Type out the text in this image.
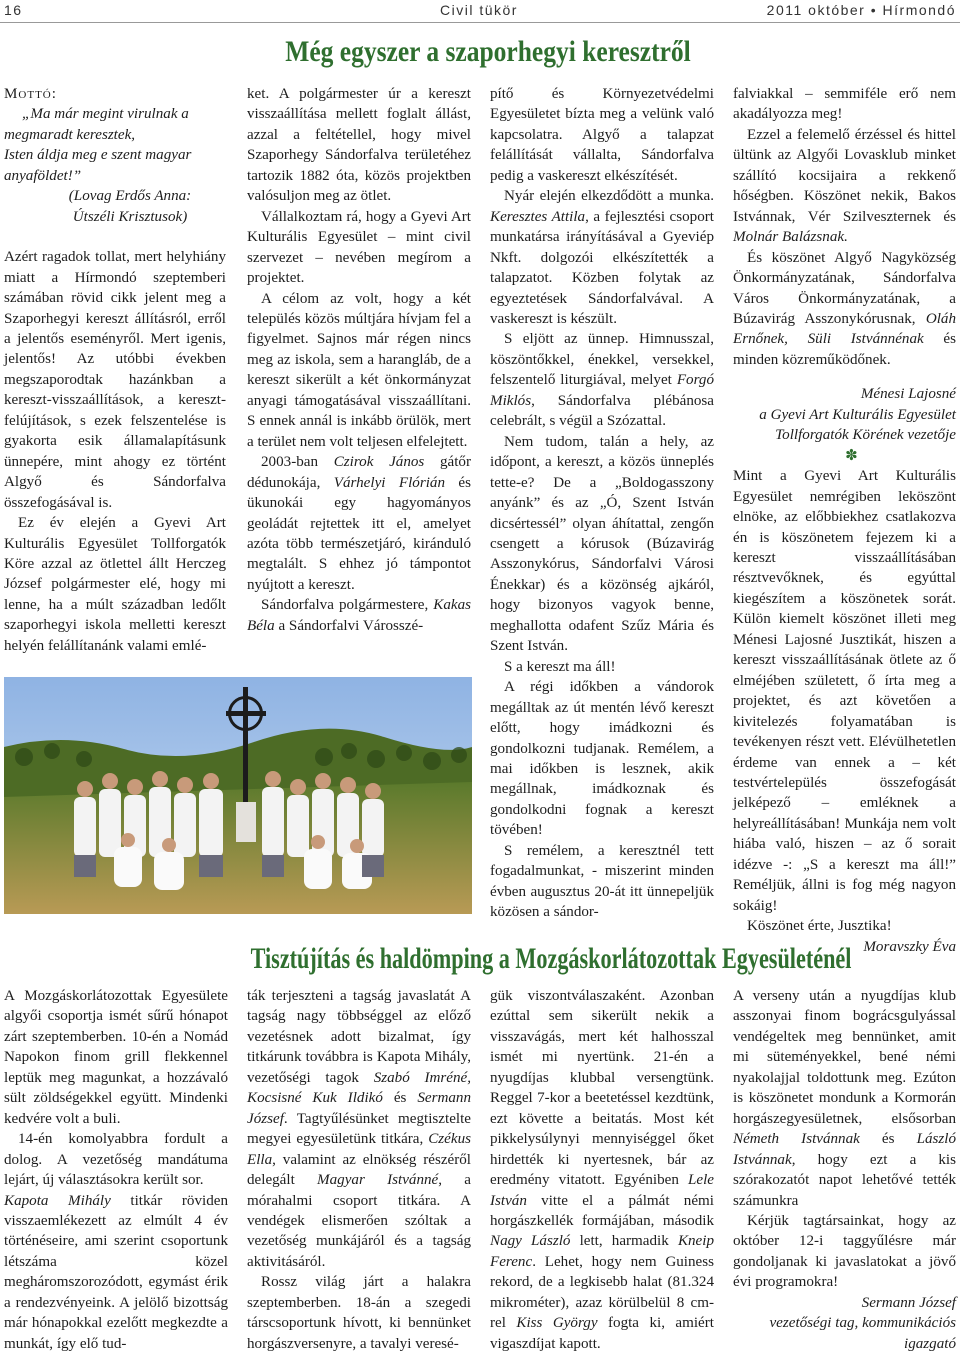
16	Civil tükör	2011 október • Hírmondó
Még egyszer a szaporhegyi keresztről

Mottó:

„Ma már megint virulnak a

megmaradt keresztek,

Isten áldja meg e szent magyar

anyaföldet!”

(Lovag Erdős Anna:

Útszéli Krisztusok)

Azért ragadok tollat, mert helyhiány miatt a Hírmondó szeptemberi számában rövid cikk jelent meg a Szaporhegyi kereszt állításról, erről a jelentős eseményről. Mert igenis, jelentős! Az utóbbi években megszaporodtak hazánkban a kereszt-visszaállítások, a kereszt-felújítások, s ezek felszentelése is gyakorta esik államalapításunk ünnepére, mint ahogy ez történt Algyő és Sándorfalva összefogásával is.

Ez év elején a Gyevi Art Kulturális Egyesület Tollforgatók Köre azzal az ötlettel állt Herczeg József polgármester elé, hogy mi lenne, ha a múlt században ledőlt szaporhegyi iskola melletti kereszt helyén felállítanánk valami emlé-

ket. A polgármester úr a kereszt visszaállítása mellett foglalt állást, azzal a feltétellel, hogy mivel Szaporhegy Sándorfalva területéhez tartozik 1882 óta, közös projektben valósuljon meg az ötlet.

Vállalkoztam rá, hogy a Gyevi Art Kulturális Egyesület – mint civil szervezet – nevében megírom a projektet.

A célom az volt, hogy a két település közös múltjára hívjam fel a figyelmet. Sajnos már régen nincs meg az iskola, sem a harangláb, de a kereszt sikerült a két önkormányzat anyagi támogatásával visszaállítani. S ennek annál is inkább örülök, mert a terület nem volt teljesen elfelejtett.

2003-ban Czirok János gátőr dédunokája, Várhelyi Flórián és ükunokái egy hagyományos geoládát rejtettek itt el, amelyet azóta több természetjáró, kiránduló megtalált. S ehhez jó támpontot nyújtott a kereszt.

Sándorfalva polgármestere, Kakas Béla a Sándorfalvi Városszé-

pítő és Környezetvédelmi Egyesületet bízta meg a velünk való kapcsolatra. Algyő a talapzat felállítását vállalta, Sándorfalva pedig a vaskereszt elkészítését.

Nyár elején elkezdődött a munka. Keresztes Attila, a fejlesztési csoport munkatársa irányításával a Gyeviép Nkft. dolgozói elkészítették a talapzatot. Közben folytak az egyeztetések Sándorfalvával. A vaskereszt is készült.

S eljött az ünnep. Himnusszal, köszöntőkkel, énekkel, versekkel, felszentelő liturgiával, melyet Forgó Miklós, Sándorfalva plébánosa celebrált, s végül a Szózattal.

Nem tudom, talán a hely, az időpont, a kereszt, a közös ünneplés tette-e? De a „Boldogasszony anyánk” és az „Ó, Szent István dicsértessél” olyan áhítattal, zengőn csengett a kórusok (Búzavirág Asszonykórus, Sándorfalvi Városi Énekkar) és a közönség ajkáról, hogy bizonyos vagyok benne, meghallotta odafent Szűz Mária és Szent István.

S a kereszt ma áll!

A régi időkben a vándorok megálltak az út mentén lévő kereszt előtt, hogy imádkozni és gondolkozni tudjanak. Remélem, a mai időkben is lesznek, akik megállnak, imádkoznak és gondolkodni fognak a kereszt tövében!

S remélem, a keresztnél tett fogadalmunkat, - miszerint minden évben augusztus 20-át itt ünnepeljük közösen a sándor-

falviakkal – semmiféle erő nem akadályozza meg!

Ezzel a felemelő érzéssel és hittel ültünk az Algyői Lovasklub minket szállító kocsijaira a rekkenő hőségben. Köszönet nekik, Bakos Istvánnak, Vér Szilveszternek és Molnár Balázsnak.

És köszönet Algyő Nagyközség Önkormányzatának, Sándorfalva Város Önkormányzatának, a Búzavirág Asszonykórusnak, Oláh Ernőnek, Süli Istvánnénak és minden közreműködőnek.

Ménesi Lajosné

a Gyevi Art Kulturális Egyesület

Tollforgatók Körének vezetője

✽

Mint a Gyevi Art Kulturális Egyesület nemrégiben leköszönt elnöke, az előbbiekhez csatlakozva én is köszönetem fejezem ki a kereszt visszaállításában résztvevőknek, és egyúttal kiegészítem a köszönetek sorát. Külön kiemelt köszönet illeti meg Ménesi Lajosné Jusztikát, hiszen a kereszt visszaállításának ötlete az ő elméjében született, ő írta meg a projektet, és azt követően a kivitelezés folyamatában is tevékenyen részt vett. Elévülhetetlen érdeme van ennek a – két testvértelepülés összefogását jelképező – emléknek a helyreállításában! Munkája nem volt hiába való, hiszen – az ő sorait idézve -: „S a kereszt ma áll!” Reméljük, állni is fog még nagyon sokáig!

Köszönet érte, Jusztika!

Moravszky Éva

Tisztújítás és haldömping a Mozgáskorlátozottak Egyesületénél

A Mozgáskorlátozottak Egyesülete algyői csoportja ismét sűrű hónapot zárt szeptemberben. 10-én a Nomád Napokon finom grill flekkennel leptük meg magunkat, a hozzávaló sült zöldségekkel együtt. Mindenki kedvére volt a buli.

14-én komolyabbra fordult a dolog. A vezetőség mandátuma lejárt, új választásokra került sor.

Kapota Mihály titkár röviden visszaemlékezett az elmúlt 4 év történéseire, ami szerint csoportunk létszáma közel megháromszorozódott, egymást érik a rendezvényeink. A jelölő bizottság már hónapokkal ezelőtt megkezdte a munkát, így elő tud-

ták terjeszteni a tagság javaslatát A tagság nagy többséggel az előző vezetésnek adott bizalmat, így titkárunk továbbra is Kapota Mihály, vezetőségi tagok Szabó Imréné, Kocsisné Kuk Ildikó és Sermann József. Tagtyűlésünket megtisztelte megyei egyesületünk titkára, Czékus Ella, valamint az elnökség részéről delegált Magyar Istvánné, a mórahalmi csoport titkára. A vendégek elismerően szóltak a vezetőség munkájáról és a tagság aktivitásáról.

Rossz világ járt a halakra szeptemberben. 18-án a szegedi társcsoportunk hívott, ki bennünket horgászversenyre, a tavalyi veresé-

gük viszontválaszaként. Azonban ezúttal sem sikerült nekik a visszavágás, mert két halhosszal ismét mi nyertünk. 21-én a nyugdíjas klubbal versengtünk. Reggel 7-kor a beetetéssel kezdtünk, ezt követte a beitatás. Most két pikkelysúlynyi mennyiséggel őket hirdették ki nyertesnek, bár az eredmény vitatott. Egyéniben Lele István vitte el a pálmát némi horgászkellék formájában, második Nagy László lett, harmadik Kneip Ferenc. Lehet, hogy nem Guiness rekord, de a legkisebb halat (81.324 mikrométer), azaz körülbelül 8 cm-rel Kiss György fogta ki, amiért vigaszdíjat kapott.

A verseny után a nyugdíjas klub asszonyai finom bográcsgulyással vendégeltek meg bennünket, amit mi süteményekkel, bené némi nyakolajjal toldottunk meg. Ezúton is köszönetet mondunk a Kormorán horgászegyesületnek, elsősorban Németh Istvánnak és László Istvánnak, hogy ezt a kis szórakozatót napot lehetővé tették számunkra

Kérjük tagtársainkat, hogy az október 12-i taggyűlésre már gondoljanak ki javaslatokat a jövő évi programokra!

Sermann József

vezetőségi tag, kommunikációs

igazgató
